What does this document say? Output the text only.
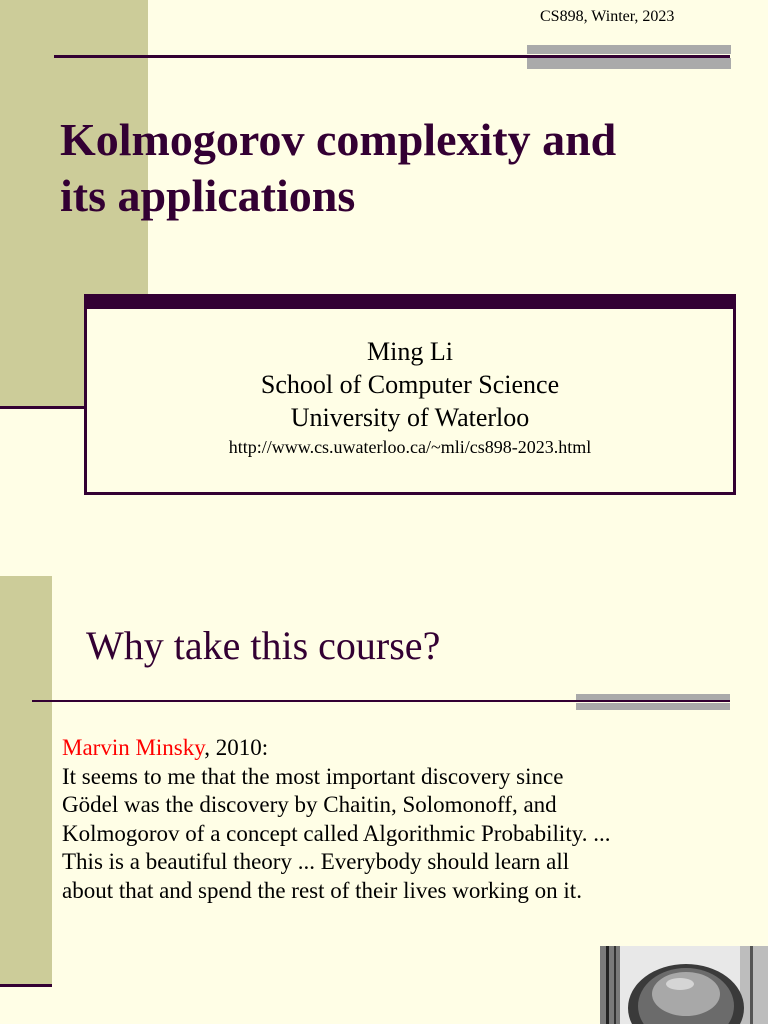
CS898, Winter, 2023
Kolmogorov complexity and
its applications
Ming Li
School of Computer Science
University of Waterloo
http://www.cs.uwaterloo.ca/~mli/cs898-2023.html
Why take this course?
Marvin Minsky, 2010:
It seems to me that the most important discovery since
Gödel was the discovery by Chaitin, Solomonoff, and
Kolmogorov of a concept called Algorithmic Probability. ...
This is a beautiful theory ... Everybody should learn all
about that and spend the rest of their lives working on it.
